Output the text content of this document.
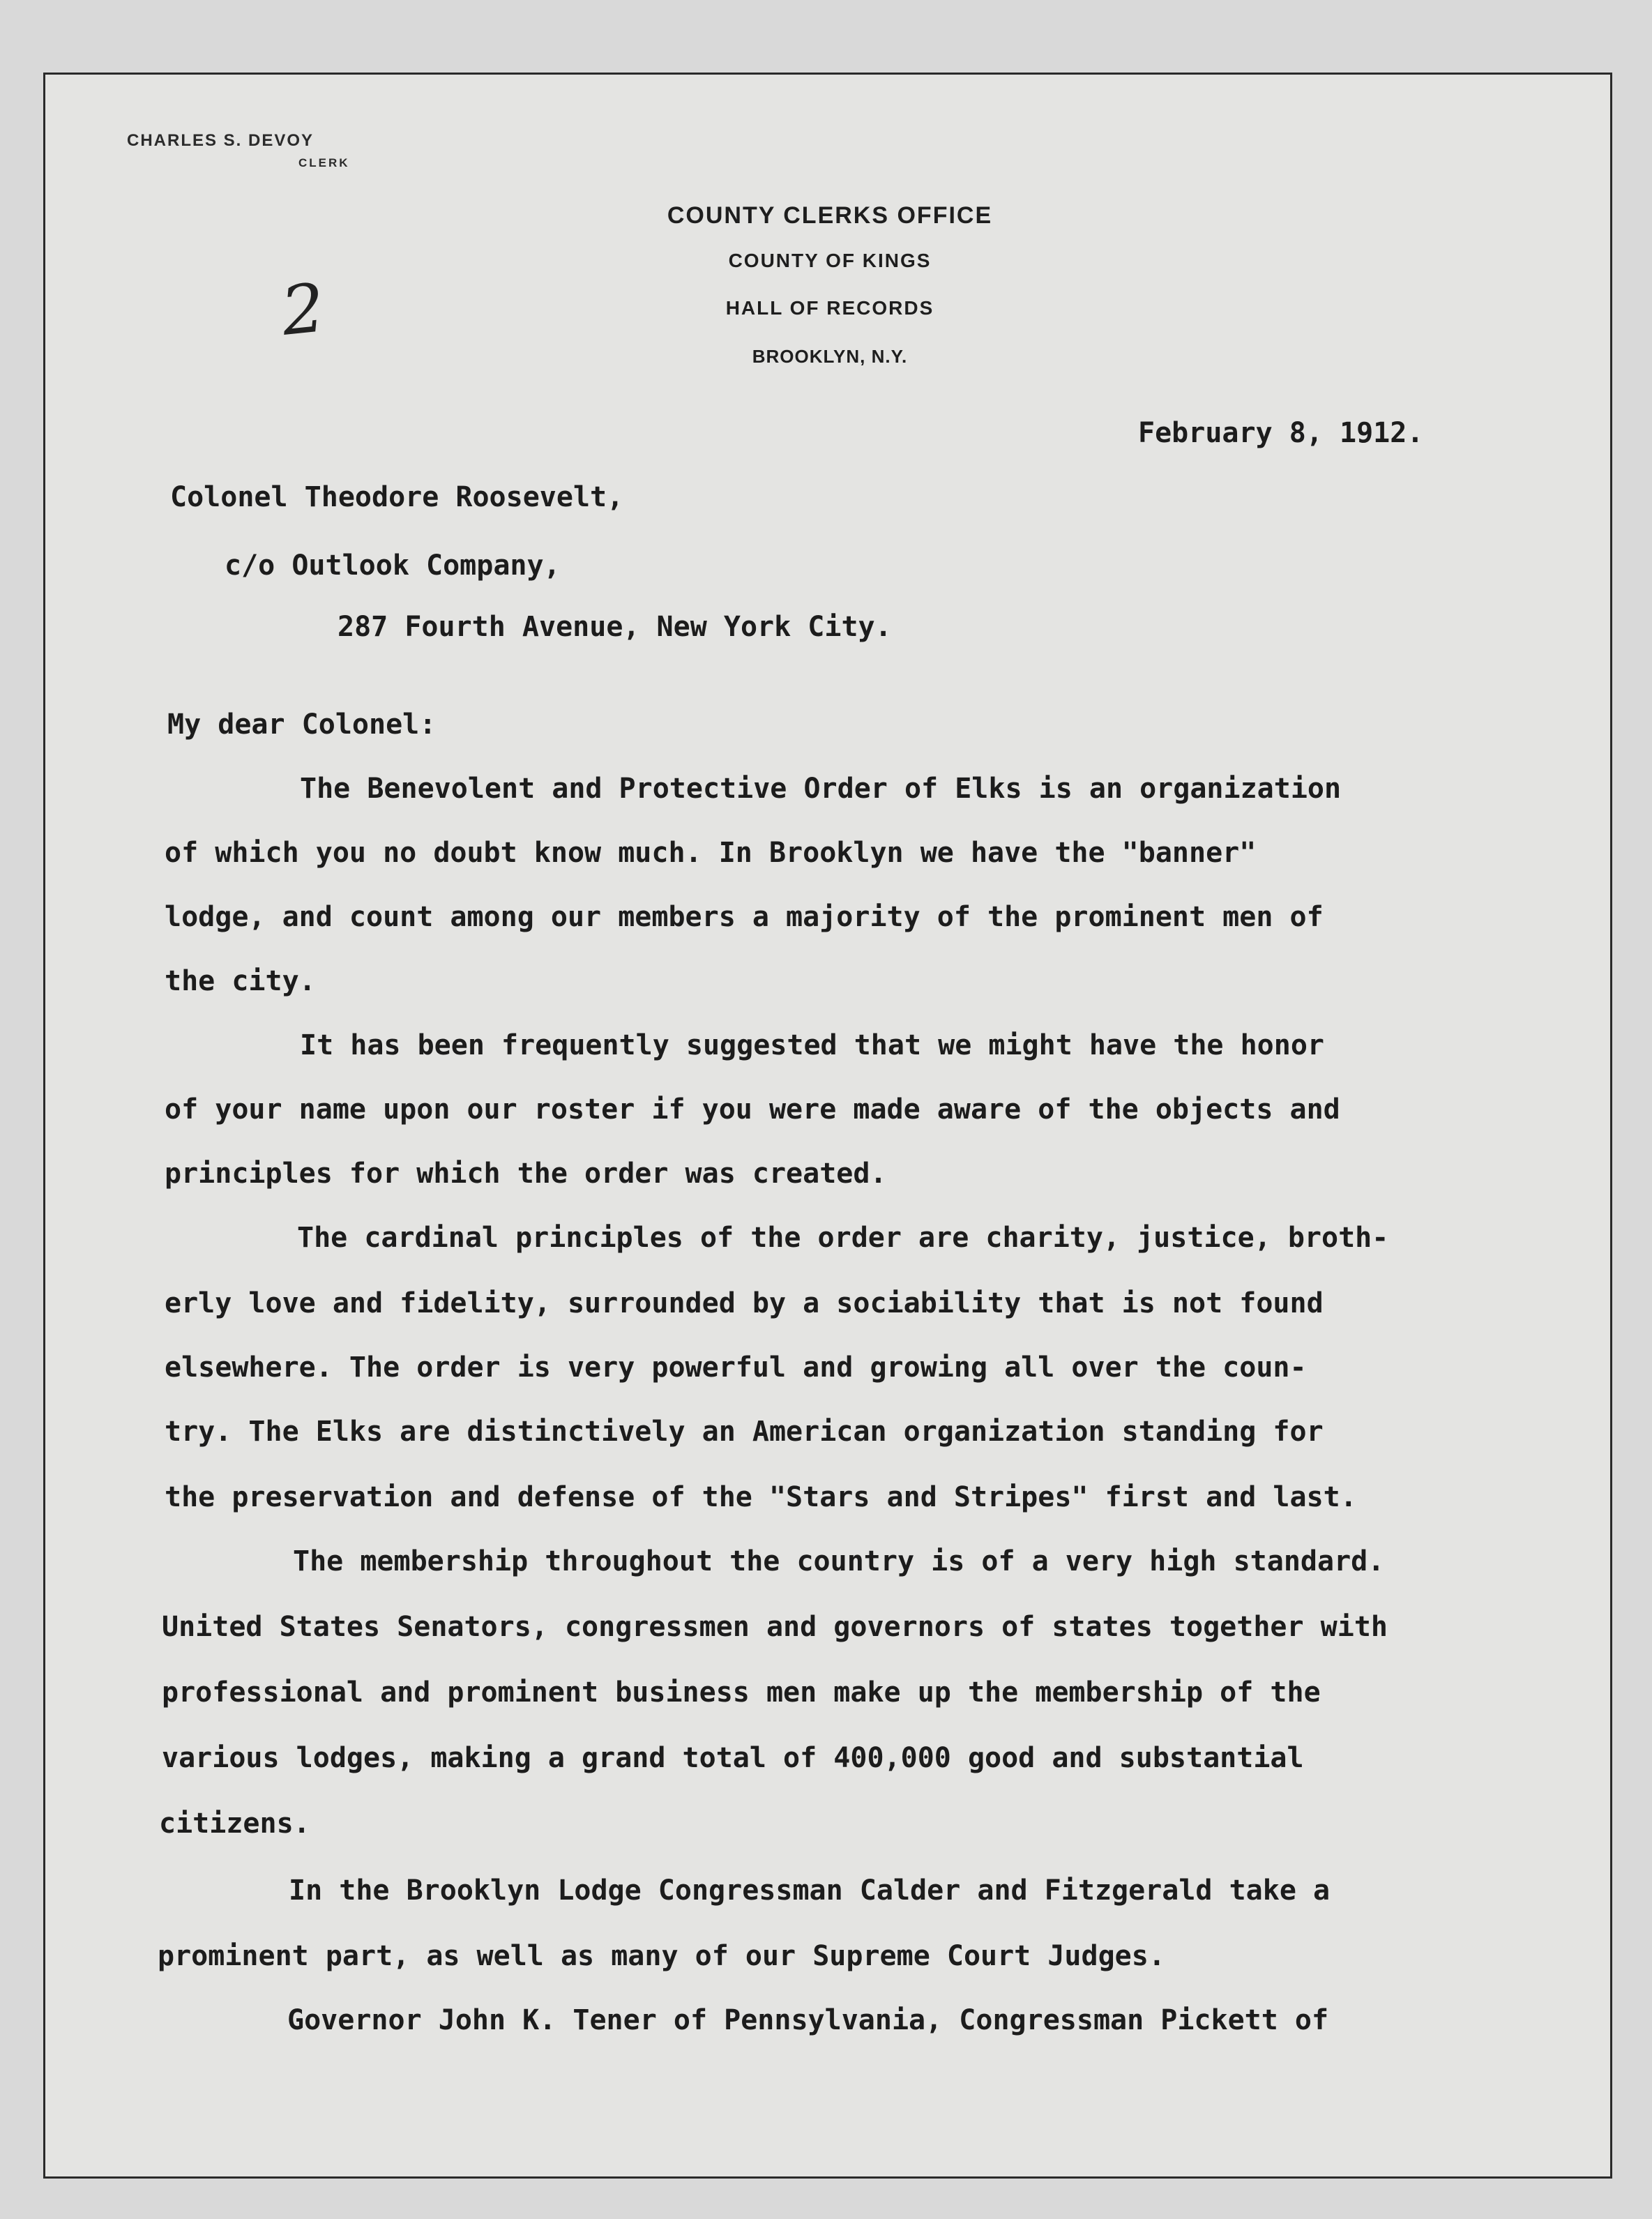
CHARLES S. DEVOY
CLERK
2
COUNTY CLERKS OFFICE
COUNTY OF KINGS
HALL OF RECORDS
BROOKLYN, N.Y.
February 8, 1912.
Colonel Theodore Roosevelt,
c/o Outlook Company,
287 Fourth Avenue, New York City.
My dear Colonel:
The Benevolent and Protective Order of Elks is an organization
of which you no doubt know much. In Brooklyn we have the "banner"
lodge, and count among our members a majority of the prominent men of
the city.
It has been frequently suggested that we might have the honor
of your name upon our roster if you were made aware of the objects and
principles for which the order was created.
The cardinal principles of the order are charity, justice, broth-
erly love and fidelity, surrounded by a sociability that is not found
elsewhere. The order is very powerful and growing all over the coun-
try. The Elks are distinctively an American organization standing for
the preservation and defense of the "Stars and Stripes" first and last.
The membership throughout the country is of a very high standard.
United States Senators, congressmen and governors of states together with
professional and prominent business men make up the membership of the
various lodges, making a grand total of 400,000 good and substantial
citizens.
In the Brooklyn Lodge Congressman Calder and Fitzgerald take a
prominent part, as well as many of our Supreme Court Judges.
Governor John K. Tener of Pennsylvania, Congressman Pickett of
